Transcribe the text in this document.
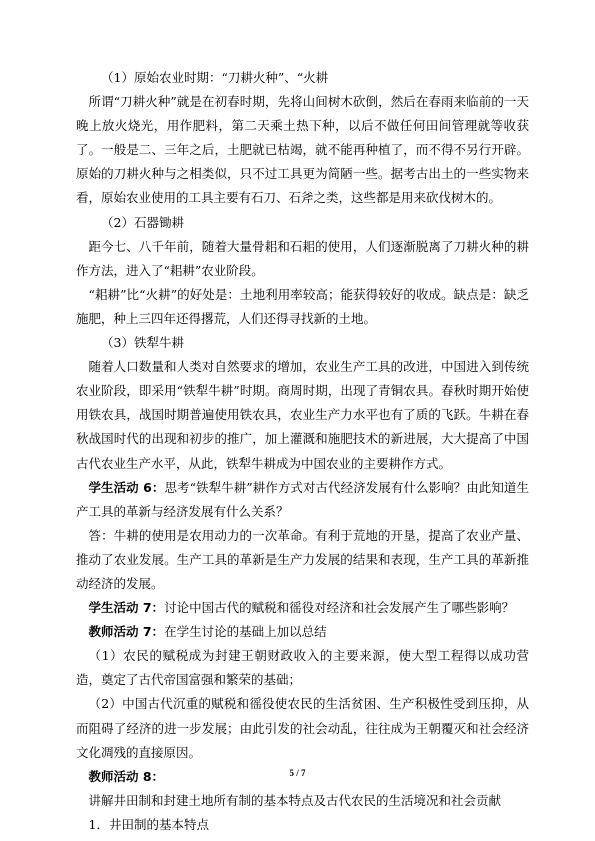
（1）原始农业时期：“刀耕火种”、“火耕

所谓“刀耕火种”就是在初春时期，先将山间树木砍倒，然后在春雨来临前的一天晚上放火烧光，用作肥料，第二天乘土热下种，以后不做任何田间管理就等收获了。一般是二、三年之后，土肥就已枯竭，就不能再种植了，而不得不另行开辟。原始的刀耕火种与之相类似，只不过工具更为简陋一些。据考古出土的一些实物来看，原始农业使用的工具主要有石刀、石斧之类，这些都是用来砍伐树木的。

（2）石器锄耕

距今七、八千年前，随着大量骨耜和石耜的使用，人们逐渐脱离了刀耕火种的耕作方法，进入了“耜耕”农业阶段。

“耜耕”比“火耕”的好处是：土地利用率较高；能获得较好的收成。缺点是：缺乏施肥，种上三四年还得撂荒，人们还得寻找新的土地。

（3）铁犁牛耕

随着人口数量和人类对自然要求的增加，农业生产工具的改进，中国进入到传统农业阶段，即采用“铁犁牛耕”时期。商周时期，出现了青铜农具。春秋时期开始使用铁农具，战国时期普遍使用铁农具，农业生产力水平也有了质的飞跃。牛耕在春秋战国时代的出现和初步的推广，加上灌溉和施肥技术的新进展，大大提高了中国古代农业生产水平，从此，铁犁牛耕成为中国农业的主要耕作方式。

学生活动 6：思考“铁犁牛耕”耕作方式对古代经济发展有什么影响？由此知道生产工具的革新与经济发展有什么关系？

答：牛耕的使用是农用动力的一次革命。有利于荒地的开垦，提高了农业产量、推动了农业发展。生产工具的革新是生产力发展的结果和表现，生产工具的革新推动经济的发展。

学生活动 7：讨论中国古代的赋税和徭役对经济和社会发展产生了哪些影响？

教师活动 7：在学生讨论的基础上加以总结

（1）农民的赋税成为封建王朝财政收入的主要来源，使大型工程得以成功营造，奠定了古代帝国富强和繁荣的基础；

（2）中国古代沉重的赋税和徭役使农民的生活贫困、生产积极性受到压抑，从而阻碍了经济的进一步发展；由此引发的社会动乱，往往成为王朝覆灭和社会经济文化凋残的直接原因。

教师活动 8：

讲解井田制和封建土地所有制的基本特点及古代农民的生活境况和社会贡献

1．井田制的基本特点

5 / 7
